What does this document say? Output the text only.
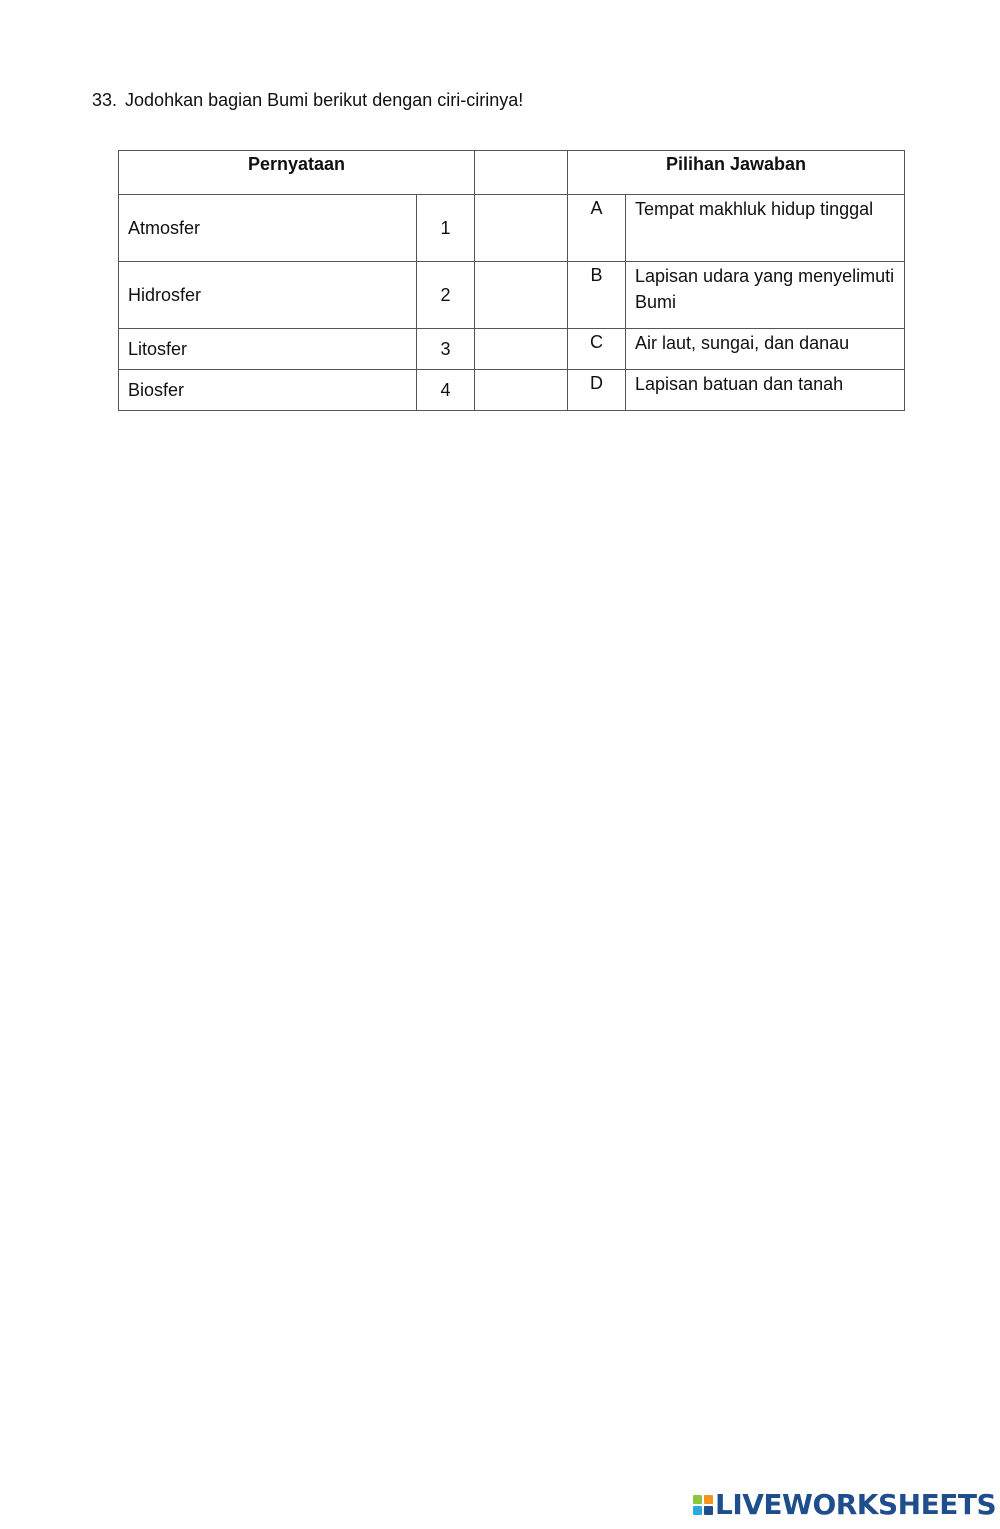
33. Jodohkan bagian Bumi berikut dengan ciri-cirinya!
Pernyataan			Pilihan Jawaban	
Atmosfer	1		A	Tempat makhluk hidup tinggal
Hidrosfer	2		B	Lapisan udara yang menyelimuti Bumi
Litosfer	3		C	Air laut, sungai, dan danau
Biosfer	4		D	Lapisan batuan dan tanah
LIVEWORKSHEETS
